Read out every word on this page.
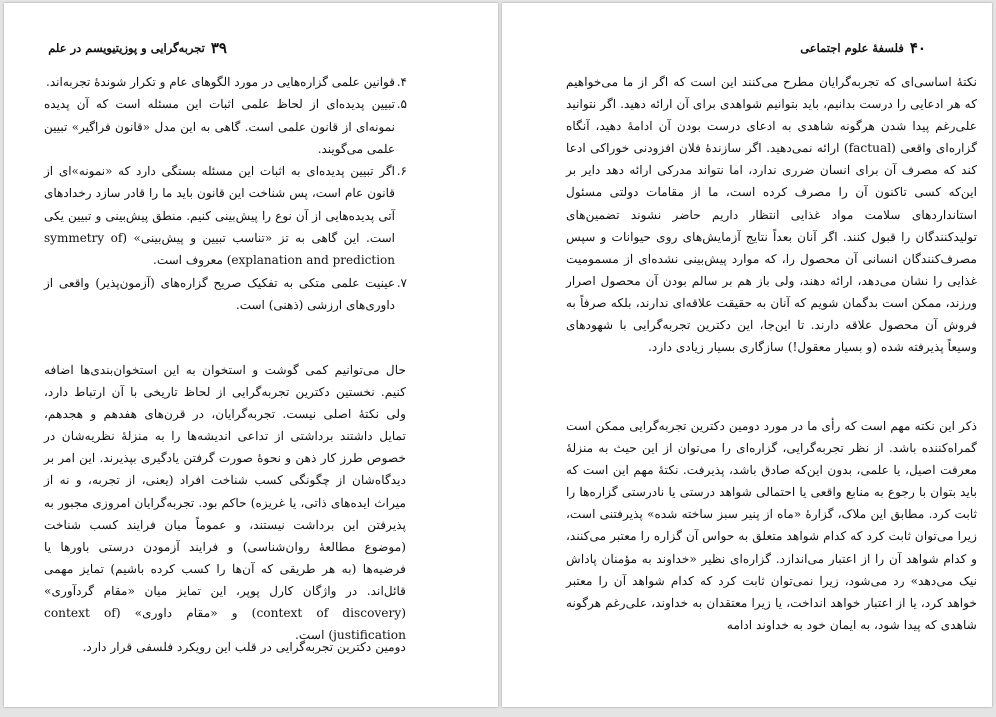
۳۹
تجربه‌گرایی و پوزیتیویسم در علم
۴.
قوانین علمی گزاره‌هایی در مورد الگوهای عام و تکرار شوندهٔ تجربه‌اند.
۵.
تبیین پدیده‌ای از لحاظ علمی اثبات این مسئله است که آن پدیده نمونه‌ای از قانون علمی است. گاهی به این مدل «قانون فراگیر» تبیین علمی می‌گویند.
۶.
اگر تبیین پدیده‌ای به اثبات این مسئله بستگی دارد که «نمونه»ای از قانون عام است، پس شناخت این قانون باید ما را قادر سازد رخدادهای آتی پدیده‌هایی از آن نوع را پیش‌بینی کنیم. منطق پیش‌بینی و تبیین یکی است. این گاهی به تز «تناسب تبیین و پیش‌بینی» (symmetry of explanation and prediction) معروف است.
۷.
عینیت علمی متکی به تفکیک صریح گزاره‌های (آزمون‌پذیر) واقعی از داوری‌های ارزشی (ذهنی) است.
حال می‌توانیم کمی گوشت و استخوان به این استخوان‌بندی‌ها اضافه کنیم. نخستین دکترین تجربه‌گرایی از لحاظ تاریخی با آن ارتباط دارد، ولی نکتهٔ اصلی نیست. تجربه‌گرایان، در قرن‌های هفدهم و هجدهم، تمایل داشتند برداشتی از تداعی اندیشه‌ها را به منزلهٔ نظریه‌شان در خصوص طرز کار ذهن و نحوهٔ صورت گرفتن یادگیری بپذیرند. این امر بر دیدگاه‌شان از چگونگی کسب شناخت افراد (یعنی، از تجربه، و نه از میراث ایده‌های ذاتی، یا غریزه) حاکم بود. تجربه‌گرایان امروزی مجبور به پذیرفتن این برداشت نیستند، و عموماً میان فرایند کسب شناخت (موضوع مطالعهٔ روان‌شناسی) و فرایند آزمودن درستی باورها یا فرضیه‌ها (به هر طریقی که آن‌ها را کسب کرده باشیم) تمایز مهمی قائل‌اند. در واژگان کارل پوپر، این تمایز میان «مقام گردآوری» (context of discovery) و «مقام داوری» (context of justification) است.
دومین دکترین تجربه‌گرایی در قلب این رویکرد فلسفی قرار دارد.
۴۰
فلسفهٔ علوم اجتماعی
نکتهٔ اساسی‌ای که تجربه‌گرایان مطرح می‌کنند این است که اگر از ما می‌خواهیم که هر ادعایی را درست بدانیم، باید بتوانیم شواهدی برای آن ارائه دهید. اگر نتوانید علی‌رغم پیدا شدن هرگونه شاهدی به ادعای درست بودن آن ادامهٔ دهید، آنگاه گزاره‌ای واقعی (factual) ارائه نمی‌دهید. اگر سازندهٔ فلان افزودنی خوراکی ادعا کند که مصرف آن برای انسان ضرری ندارد، اما نتواند مدرکی ارائه دهد دایر بر این‌که کسی تاکنون آن را مصرف کرده است، ما از مقامات دولتی مسئول استانداردهای سلامت مواد غذایی انتظار داریم حاضر نشوند تضمین‌های تولیدکنندگان را قبول کنند. اگر آنان بعداً نتایج آزمایش‌های روی حیوانات و سپس مصرف‌کنندگان انسانی آن محصول را، که موارد پیش‌بینی نشده‌ای از مسمومیت غذایی را نشان می‌دهد، ارائه دهند، ولی باز هم بر سالم بودن آن محصول اصرار ورزند، ممکن است بدگمان شویم که آنان به حقیقت علاقه‌ای ندارند، بلکه صرفاً به فروش آن محصول علاقه دارند. تا این‌جا، این دکترین تجربه‌گرایی با شهودهای وسیعاً پذیرفته شده (و بسیار معقول!) سازگاری بسیار زیادی دارد.
ذکر این نکته مهم است که رأی ما در مورد دومین دکترین تجربه‌گرایی ممکن است گمراه‌کننده باشد. از نظر تجربه‌گرایی، گزاره‌ای را می‌توان از این حیث به منزلهٔ معرفت اصیل، یا علمی، بدون این‌که صادق باشد، پذیرفت. نکتهٔ مهم این است که باید بتوان با رجوع به منابع واقعی یا احتمالی شواهد درستی یا نادرستی گزاره‌ها را ثابت کرد. مطابق این ملاک، گزارهٔ «ماه از پنیر سبز ساخته شده» پذیرفتنی است، زیرا می‌توان ثابت کرد که کدام شواهد متعلق به حواس آن گزاره را معتبر می‌کنند، و کدام شواهد آن را از اعتبار می‌اندازد. گزاره‌ای نظیر «خداوند به مؤمنان پاداش نیک می‌دهد» رد می‌شود، زیرا نمی‌توان ثابت کرد که کدام شواهد آن را معتبر خواهد کرد، یا از اعتبار خواهد انداخت، یا زیرا معتقدان به خداوند، علی‌رغم هرگونه شاهدی که پیدا شود، به ایمان خود به خداوند ادامه
